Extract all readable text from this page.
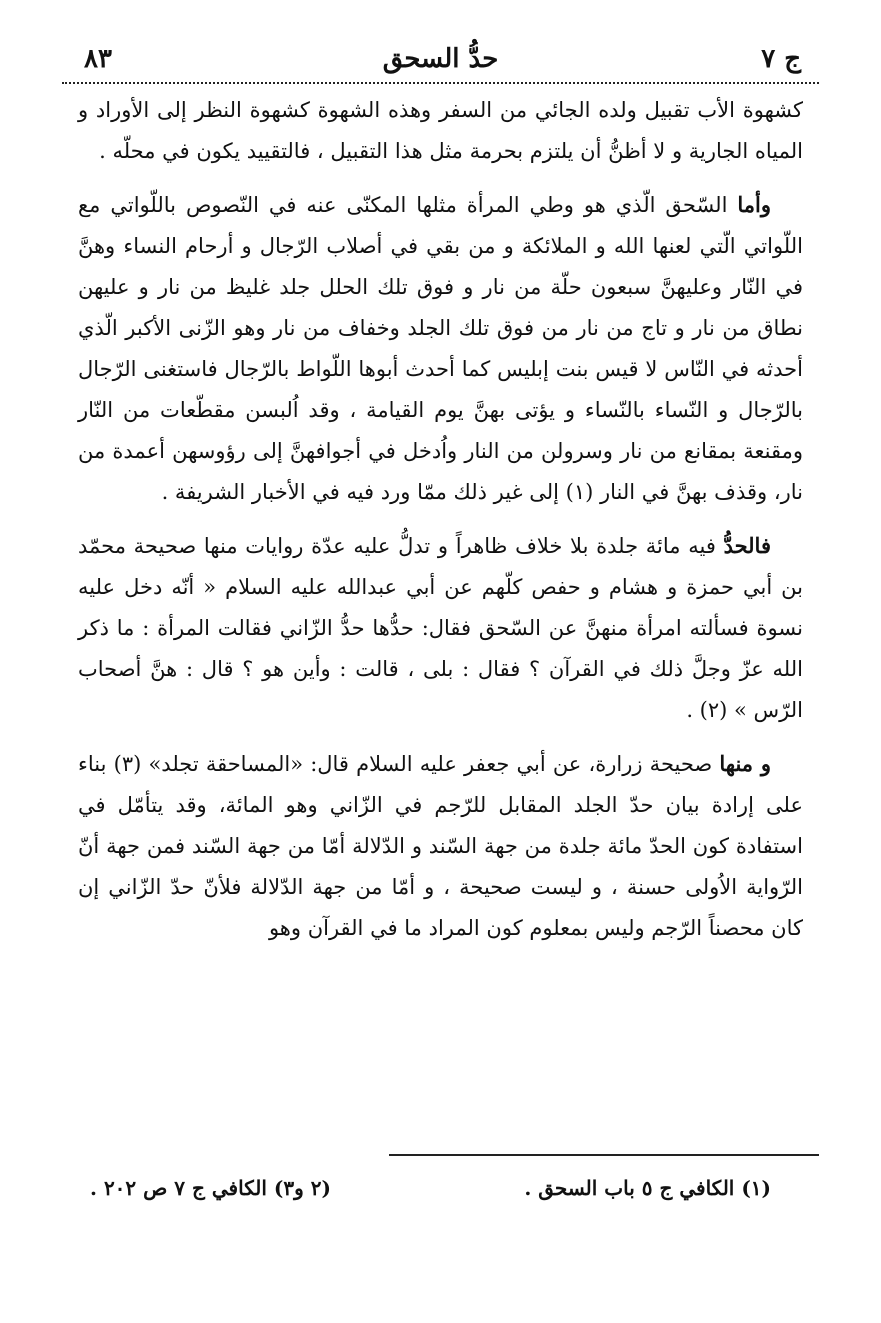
٨٣	حدُّ السحق	ج ٧

كشهوة الأب تقبيل ولده الجائي من السفر وهذه الشهوة كشهوة النظر إلى الأوراد و المياه الجارية و لا أظنُّ أن يلتزم بحرمة مثل هذا التقبيل ، فالتقييد يكون في محلّه .

وأما السّحق الّذي هو وطي المرأة مثلها المكنّى عنه في النّصوص باللّواتي مع اللّواتي الّتي لعنها الله و الملائكة و من بقي في أصلاب الرّجال و أرحام النساء وهنَّ في النّار وعليهنَّ سبعون حلّة من نار و فوق تلك الحلل جلد غليظ من نار و عليهن نطاق من نار و تاج من نار من فوق تلك الجلد وخفاف من نار وهو الزّنى الأكبر الّذي أحدثه في النّاس لا قيس بنت إبليس كما أحدث أبوها اللّواط بالرّجال فاستغنى الرّجال بالرّجال و النّساء بالنّساء و يؤتى بهنَّ يوم القيامة ، وقد اُلبسن مقطّعات من النّار ومقنعة بمقانع من نار وسرولن من النار واُدخل في أجوافهنَّ إلى رؤوسهن أعمدة من نار، وقذف بهنَّ في النار (١) إلى غير ذلك ممّا ورد فيه في الأخبار الشريفة .

فالحدُّ فيه مائة جلدة بلا خلاف ظاهراً و تدلُّ عليه عدّة روايات منها صحيحة محمّد بن أبي حمزة و هشام و حفص كلّهم عن أبي عبدالله عليه السلام « أنّه دخل عليه نسوة فسألته امرأة منهنَّ عن السّحق فقال: حدُّها حدُّ الزّاني فقالت المرأة : ما ذكر الله عزّ وجلَّ ذلك في القرآن ؟ فقال : بلى ، قالت : وأين هو ؟ قال : هنَّ أصحاب الرّس » (٢) .

و منها صحيحة زرارة، عن أبي جعفر عليه السلام قال: «المساحقة تجلد» (٣) بناء على إرادة بيان حدّ الجلد المقابل للرّجم في الزّاني وهو المائة، وقد يتأمّل في استفادة كون الحدّ مائة جلدة من جهة السّند و الدّلالة أمّا من جهة السّند فمن جهة أنّ الرّواية الاُولى حسنة ، و ليست صحيحة ، و أمّا من جهة الدّلالة فلأنّ حدّ الزّاني إن كان محصناً الرّجم وليس بمعلوم كون المراد ما في القرآن وهو

(١) الكافي ج ٥ باب السحق .
(٢ و٣) الكافي ج ٧ ص ٢٠٢ .
